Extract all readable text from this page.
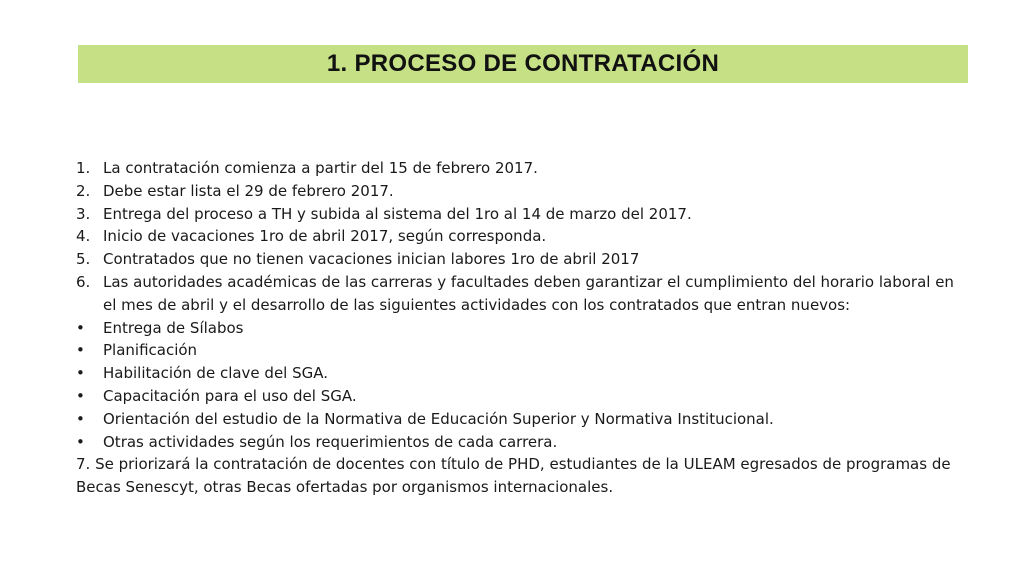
1. PROCESO DE CONTRATACIÓN
1. La contratación comienza a partir del 15 de febrero 2017.
2. Debe estar lista el 29 de febrero 2017.
3. Entrega del proceso a TH y subida al sistema del 1ro al 14 de marzo del 2017.
4. Inicio de vacaciones 1ro de abril 2017, según corresponda.
5. Contratados que no tienen vacaciones inician labores 1ro de abril 2017
6. Las autoridades académicas de las carreras y facultades deben garantizar el cumplimiento del horario laboral en el mes de abril y el desarrollo de las siguientes actividades con los contratados que entran nuevos:
•	Entrega de Sílabos
•	Planificación
•	Habilitación de clave del SGA.
•	Capacitación para el uso del SGA.
•	Orientación del estudio de la Normativa de Educación Superior y Normativa Institucional.
•	Otras actividades según los requerimientos de cada carrera.
7. Se priorizará la contratación de docentes con título de PHD, estudiantes de la ULEAM egresados de programas de Becas Senescyt, otras Becas ofertadas por organismos internacionales.
